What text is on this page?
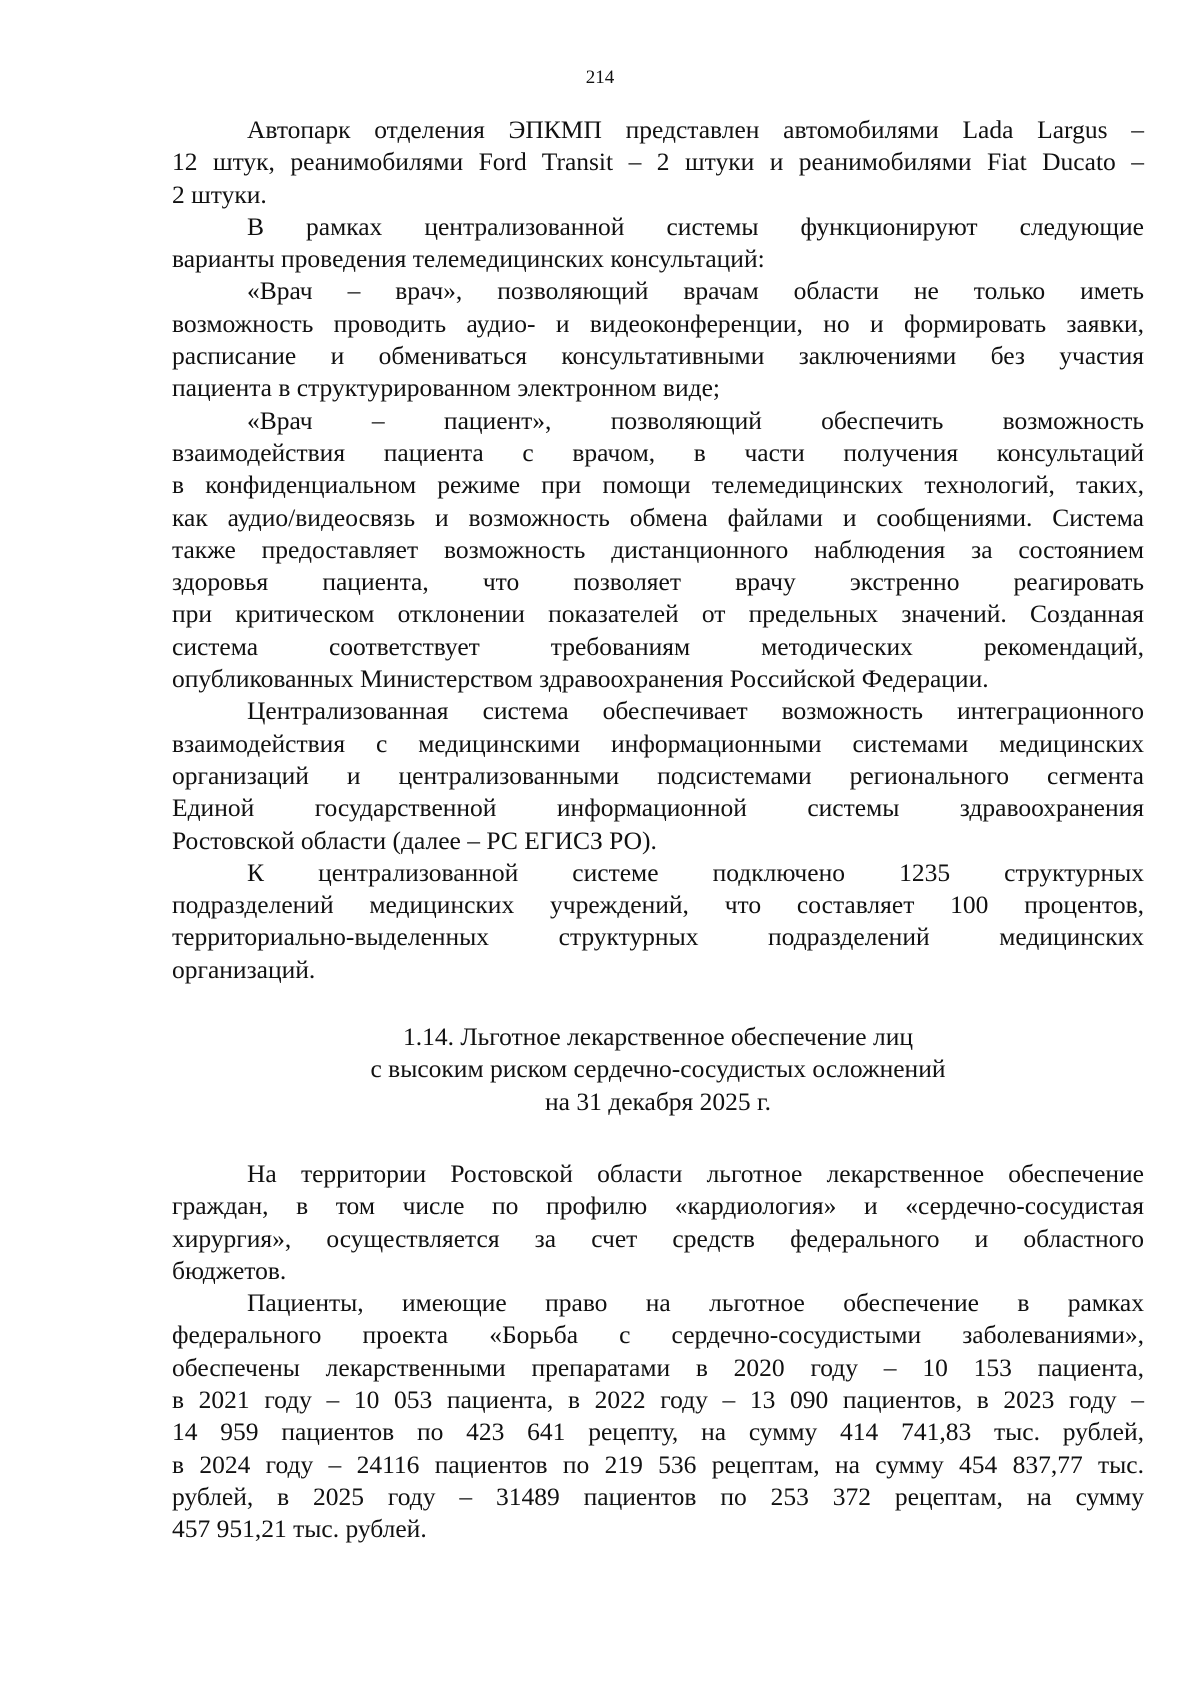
214
Автопарк отделения ЭПКМП представлен автомобилями Lada Largus –
12 штук, реанимобилями Ford Transit – 2 штуки и реанимобилями Fiat Ducato –
2 штуки.
В рамках централизованной системы функционируют следующие
варианты проведения телемедицинских консультаций:
«Врач – врач», позволяющий врачам области не только иметь
возможность проводить аудио- и видеоконференции, но и формировать заявки,
расписание и обмениваться консультативными заключениями без участия
пациента в структурированном электронном виде;
«Врач – пациент», позволяющий обеспечить возможность
взаимодействия пациента с врачом, в части получения консультаций
в конфиденциальном режиме при помощи телемедицинских технологий, таких,
как аудио/видеосвязь и возможность обмена файлами и сообщениями. Система
также предоставляет возможность дистанционного наблюдения за состоянием
здоровья пациента, что позволяет врачу экстренно реагировать
при критическом отклонении показателей от предельных значений. Созданная
система соответствует требованиям методических рекомендаций,
опубликованных Министерством здравоохранения Российской Федерации.
Централизованная система обеспечивает возможность интеграционного
взаимодействия с медицинскими информационными системами медицинских
организаций и централизованными подсистемами регионального сегмента
Единой государственной информационной системы здравоохранения
Ростовской области (далее – РС ЕГИСЗ РО).
К централизованной системе подключено 1235 структурных
подразделений медицинских учреждений, что составляет 100 процентов,
территориально-выделенных структурных подразделений медицинских
организаций.
1.14. Льготное лекарственное обеспечение лиц
с высоким риском сердечно-сосудистых осложнений
на 31 декабря 2025 г.
На территории Ростовской области льготное лекарственное обеспечение
граждан, в том числе по профилю «кардиология» и «сердечно-сосудистая
хирургия», осуществляется за счет средств федерального и областного
бюджетов.
Пациенты, имеющие право на льготное обеспечение в рамках
федерального проекта «Борьба с сердечно-сосудистыми заболеваниями»,
обеспечены лекарственными препаратами в 2020 году – 10 153 пациента,
в 2021 году – 10 053 пациента, в 2022 году – 13 090 пациентов, в 2023 году –
14 959 пациентов по 423 641 рецепту, на сумму 414 741,83 тыс. рублей,
в 2024 году – 24116 пациентов по 219 536 рецептам, на сумму 454 837,77 тыс.
рублей, в 2025 году – 31489 пациентов по 253 372 рецептам, на сумму
457 951,21 тыс. рублей.
